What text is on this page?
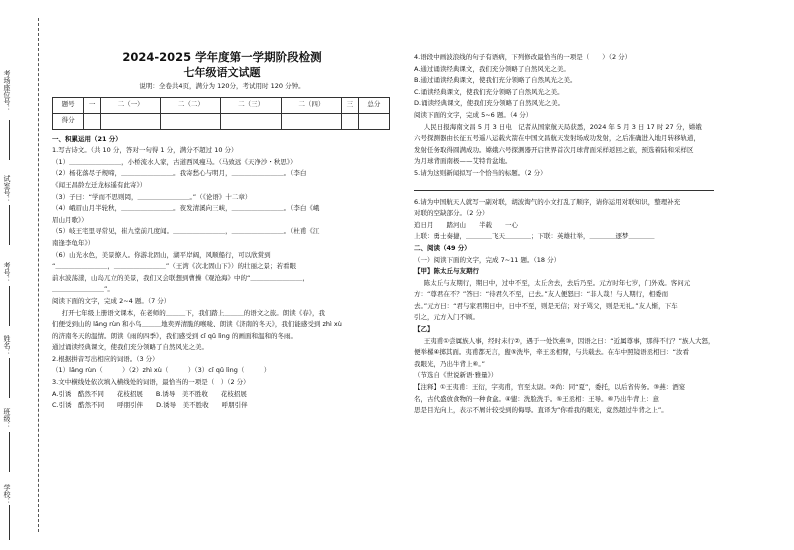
考场座位号：
试室号：
考号：
姓名：
班级：
学校：
2024-2025 学年度第一学期阶段检测
七年级语文试题
说明：全卷共4页，满分为 120分，考试用时 120 分钟。
题号	一	二（一）	二（二）	二（三）	二（四）	三	总分
得分							

一、积累运用（21 分）

1.写古诗文。（共 10 分，答对一句得 1 分，满分不超过 10 分）

（1）＿＿＿＿＿＿＿＿，小桥流水人家，古道西风瘦马。（马致远《天净沙・秋思》）

（2）杨花落尽子规啼，＿＿＿＿＿＿＿＿。我寄愁心与明月，＿＿＿＿＿＿＿＿。（李白

《闻王昌龄左迁龙标遥有此寄》）

（3）子曰：“学而不思则罔，＿＿＿＿＿＿＿＿。”（《论语》十二章）

（4）峨眉山月半轮秋，＿＿＿＿＿＿＿＿。夜发清溪向三峡，＿＿＿＿＿＿＿＿。（李白《峨

眉山月歌》）

（5）岐王宅里寻常见，崔九堂前几度闻。＿＿＿＿＿＿＿＿，＿＿＿＿＿＿＿＿。（杜甫《江

南逢李龟年》）

（6）山光水色，美景撩人。你游北固山，湖平岸阔，风顺船行，可以欣赏到

“＿＿＿＿＿＿＿＿，＿＿＿＿＿＿＿＿”（王湾《次北固山下》）的壮丽之景；若看眼

前水波荡漾，山岛兀立的美景，我们又会联想到曹操《观沧海》中的“＿＿＿＿＿＿＿＿，

＿＿＿＿＿＿＿＿”。

阅读下面的文字，完成 2~4 题。（7 分）

打开七年级上册语文课本，在老师的＿＿＿下，我们踏上＿＿＿的语文之旅。朗读《春》，我

们便受到山的 lǎng rùn 和小鸟＿＿＿地卖弄清脆的喉咙、朗读《济南的冬天》，我们能感受到 zhì xù

的济南冬天的温情。朗读《雨的四季》，我们感受到 cǐ qǔ lìng 的画面和温和的冬雨。

通过诵读经典课文，使我们充分领略了自然风光之美。

2.根据拼音写出相应的词语。（3 分）

（1）lǎng rùn（　　　）（2）zhì xù（　　　）（3）cǐ qǔ lìng（　　　）

3.文中横线处依次填入横线处的词语，最恰当的一项是（　）（2 分）

A.引诱　酷然不同　　花枝招展　　B.诱导　美不胜收　　花枝招展

C.引诱　酷然不同　　呼朋引伴　　D.诱导　美不胜收　　呼朋引伴

4.语段中画波浪线的句子有语病，下列修改最恰当的一项是（　　）（2 分）

A.通过诵读经典课文，我们充分领略了自然风光之美。

B.通过诵读经典课文，使我们充分领略了自然风光之美。

C.诵读经典课文，使我们充分领略了自然风光之美。

D.诵读经典课文，使我们充分领略了自然风光之美。

阅读下面的文字，完成 5~6 题。（4 分）

人民日报海南文昌 5 月 3 日电　记者从国家航天局获悉，2024 年 5 月 3 日 17 时 27 分，嫦娥

六号探测器由长征五号遥八运载火箭在中国文昌航天发射场成功发射，之后准确进入地月转移轨道，

发射任务取得圆满成功。嫦娥六号探测器开启世界首次月球背面采样返回之旅，预选着陆和采样区

为月球背面南极——艾特肯盆地。

5.请为这则新闻拟写一个恰当的标题。（2 分）

6.请为中国航天人就写一副对联，胡波淘气的小文打乱了顺序，请你运用对联知识，整理补充

对联的空缺部分。（2 分）

追日月　　踏河山　　半载　　一心

上联：勇士奏捷，＿＿＿＿飞天＿＿＿＿；下联：英雄壮举，＿＿＿＿逐梦＿＿＿＿

二、阅读（49 分）

（一）阅读下面的文字，完成 7~11 题。（18 分）

【甲】陈太丘与友期行

陈太丘与友期行，期日中，过中不至，太丘舍去，去后乃至。元方时年七岁，门外戏。客问元

方：“尊君在不？”答曰：“待君久不至，已去。”友人便怒曰：“非人哉！与人期行，相委而

去。”元方曰：“君与家君期日中，日中不至，则是无信；对子骂父，则是无礼。”友人惭，下车

引之，元方入门不顾。

【乙】

王夷甫①尝属族人事，经时未行②，遇于一处饮燕③，因语之曰：“近属尊事，那得不行？”族人大怒，

便举樏④掷其面。夷甫都无言，盥⑤洗毕，牵王丞相臂，与共载去。在车中照镜语丞相曰：“汝看

我眼光，乃出牛背上⑥。”

（节选自《世说新语·雅量》）

【注释】①王夷甫：王衍，字夷甫，官至太尉。②尚：同“夏”，委托，以后省传务。③燕：酒宴

名，古代盛放食物的一种食盒。④盥：洗脸洗手。⑤王丞相：王导。⑥乃出牛背上：意

思是目光向上，表示不屑计较受到的侮辱。直译为“你看我的眼光，竟然超过牛背之上”。
